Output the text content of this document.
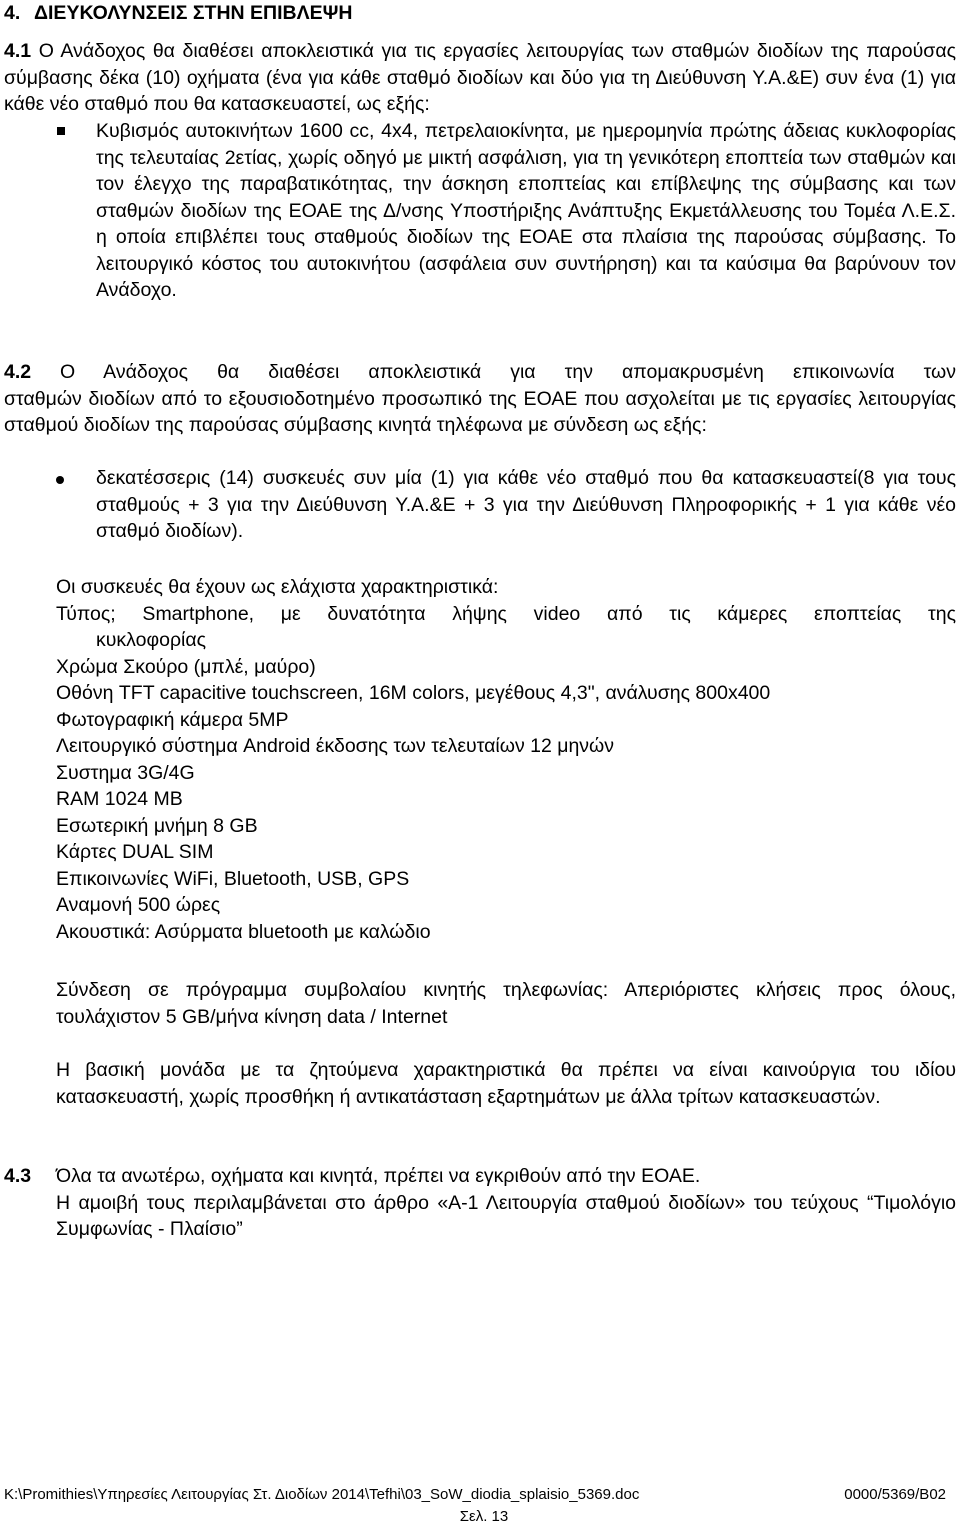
4. ΔΙΕΥΚΟΛΥΝΣΕΙΣ ΣΤΗΝ ΕΠΙΒΛΕΨΗ

4.1 Ο Ανάδοχος θα διαθέσει αποκλειστικά για τις εργασίες λειτουργίας των σταθμών διοδίων της παρούσας σύμβασης δέκα (10) οχήματα (ένα για κάθε σταθμό διοδίων και δύο για τη Διεύθυνση Υ.Α.&Ε) συν ένα (1) για κάθε νέο σταθμό που θα κατασκευαστεί, ως εξής:

Κυβισμός αυτοκινήτων 1600 cc, 4x4, πετρελαιοκίνητα, με ημερομηνία πρώτης άδειας κυκλοφορίας της τελευταίας 2ετίας, χωρίς οδηγό με μικτή ασφάλιση, για τη γενικότερη εποπτεία των σταθμών και τον έλεγχο της παραβατικότητας, την άσκηση εποπτείας και επίβλεψης της σύμβασης και των σταθμών διοδίων της ΕΟΑΕ της Δ/νσης Υποστήριξης Ανάπτυξης Εκμετάλλευσης του Τομέα Λ.Ε.Σ. η οποία επιβλέπει τους σταθμούς διοδίων της ΕΟΑΕ στα πλαίσια της παρούσας σύμβασης. Το λειτουργικό κόστος του αυτοκινήτου (ασφάλεια συν συντήρηση) και τα καύσιμα θα βαρύνουν τον Ανάδοχο.

4.2 Ο Ανάδοχος θα διαθέσει αποκλειστικά για την απομακρυσμένη επικοινωνία των

σταθμών διοδίων από το εξουσιοδοτημένο προσωπικό της ΕΟΑΕ που ασχολείται με τις εργασίες λειτουργίας σταθμού διοδίων της παρούσας σύμβασης κινητά τηλέφωνα με σύνδεση ως εξής:

δεκατέσσερις (14) συσκευές συν μία (1) για κάθε νέο σταθμό που θα κατασκευαστεί(8 για τους σταθμούς + 3 για την Διεύθυνση Υ.Α.&Ε + 3 για την Διεύθυνση Πληροφορικής + 1 για κάθε νέο σταθμό διοδίων).

Οι συσκευές θα έχουν ως ελάχιστα χαρακτηριστικά:

Τύπος; Smartphone, με δυνατότητα λήψης video από τις κάμερες εποπτείας της

κυκλοφορίας

Χρώμα Σκούρο (μπλέ, μαύρο)

Οθόνη TFT capacitive touchscreen, 16M colors, μεγέθους 4,3", ανάλυσης 800x400

Φωτογραφική κάμερα 5MP

Λειτουργικό σύστημα Android έκδοσης των τελευταίων 12 μηνών

Συστημα 3G/4G

RAM 1024 MB

Εσωτερική μνήμη 8 GB

Κάρτες DUAL SIM

Επικοινωνίες WiFi, Bluetooth, USB, GPS

Αναμονή 500 ώρες

Ακουστικά: Ασύρματα bluetooth με καλώδιο

Σύνδεση σε πρόγραμμα συμβολαίου κινητής τηλεφωνίας: Απεριόριστες κλήσεις προς όλους, τουλάχιστον 5 GB/μήνα κίνηση data / Internet

Η βασική μονάδα με τα ζητούμενα χαρακτηριστικά θα πρέπει να είναι καινούργια του ιδίου κατασκευαστή, χωρίς προσθήκη ή αντικατάσταση εξαρτημάτων με άλλα τρίτων κατασκευαστών.

4.3 Όλα τα ανωτέρω, οχήματα και κινητά, πρέπει να εγκριθούν από την ΕΟΑΕ.

Η αμοιβή τους περιλαμβάνεται στο άρθρο «Α-1 Λειτουργία σταθμού διοδίων» του τεύχους “Τιμολόγιο Συμφωνίας - Πλαίσιο”

K:\Promithies\Υπηρεσίες Λειτουργίας Στ. Διοδίων 2014\Tefhi\03_SoW_diodia_splaisio_5369.doc	0000/5369/Β02
Σελ. 13
